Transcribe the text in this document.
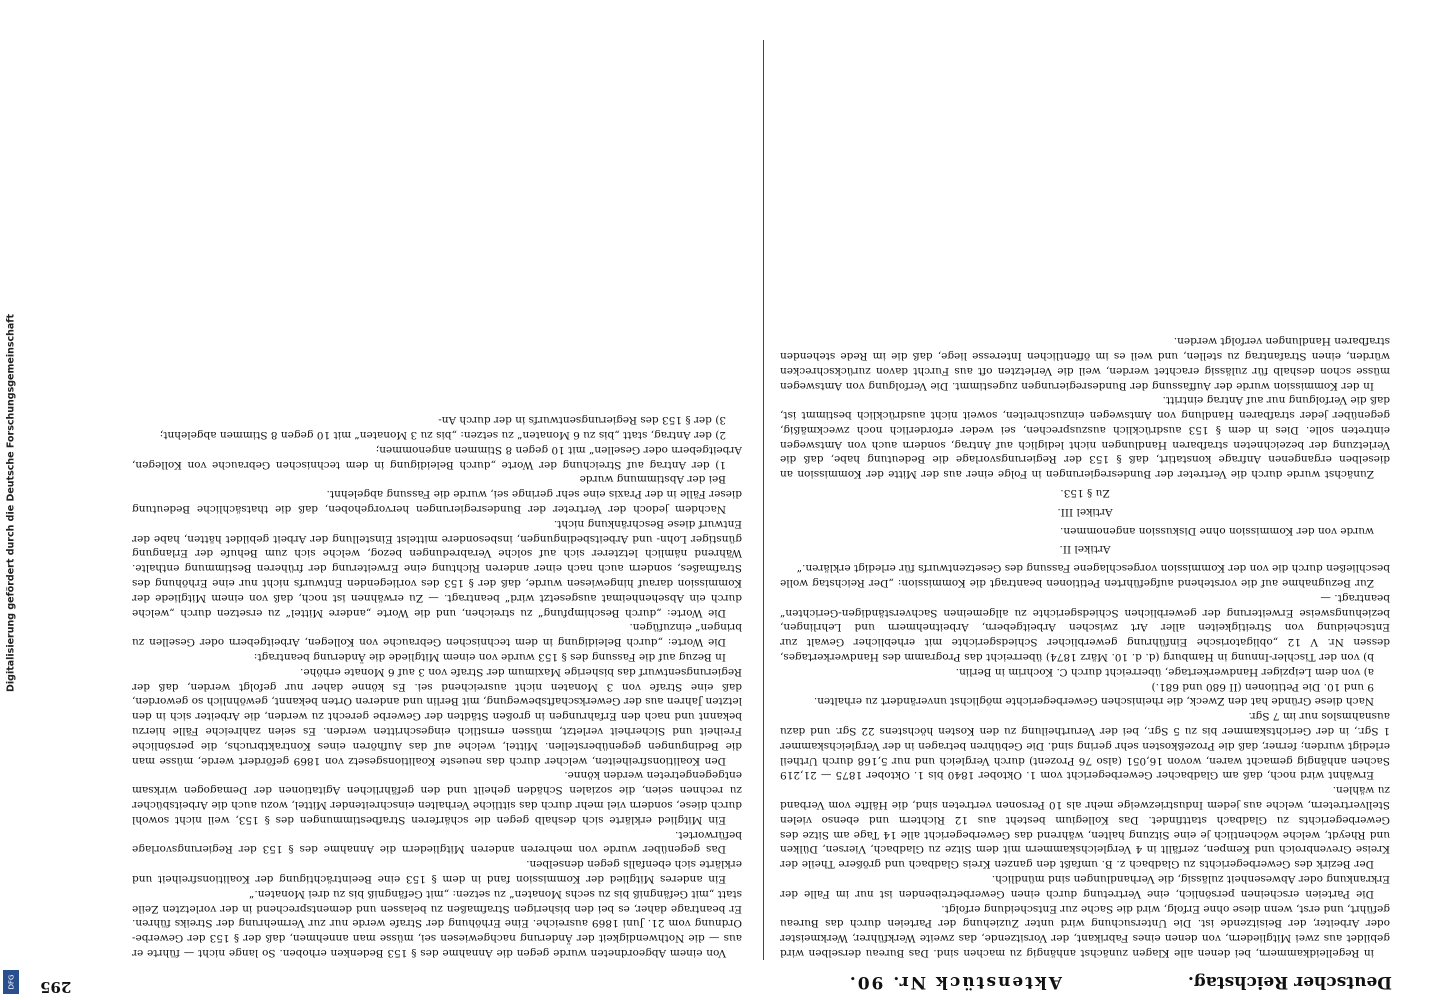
Digitalisierung gefördert durch die Deutsche Forschungsgemeinschaft
DFG	Deutscher Reichstag.
Aktenstück Nr. 90.
295

in Regelleidkammern, bei denen alle Klagen zunächst anhängig zu machen sind. Das Bureau derselben wird gebildet aus zwei Mitgliedern, von denen eines Fabrikant, der Vorsitzende, das zweite Werkführer, Werkmeister oder Arbeiter, der Beisitzende ist. Die Untersuchung wird unter Zuziehung der Parteien durch das Bureau geführt, und erst, wenn diese ohne Erfolg, wird die Sache zur Entscheidung erfolgt.

Die Parteien erscheinen persönlich, eine Vertretung durch einen Gewerbetreibenden ist nur im Falle der Erkrankung oder Abwesenheit zulässig, die Verhandlungen sind mündlich.

Der Bezirk des Gewerbegerichts zu Gladbach z. B. umfaßt den ganzen Kreis Gladbach und größere Theile der Kreise Grevenbroich und Kempen, zerfällt in 4 Vergleichskammern mit dem Sitze zu Gladbach, Viersen, Dülken und Rheydt, welche wöchentlich je eine Sitzung halten, während das Gewerbegericht alle 14 Tage am Sitze des Gewerbegerichts zu Gladbach stattfindet. Das Kollegium besteht aus 12 Richtern und ebenso vielen Stellvertretern, welche aus jedem Industriezweige mehr als 10 Personen vertreten sind, die Hälfte vom Verband zu wählen.

Erwähnt wird noch, daß am Gladbacher Gewerbegericht vom 1. Oktober 1840 bis 1. Oktober 1875 — 21,219 Sachen anhängig gemacht waren, wovon 16,051 (also 76 Prozent) durch Vergleich und nur 5,168 durch Urtheil erledigt wurden; ferner, daß die Prozeßkosten sehr gering sind. Die Gebühren betragen in der Vergleichskammer 1 Sgr., in der Gerichtskammer bis zu 5 Sgr., bei der Verurtheilung zu den Kosten höchstens 22 Sgr. und dazu ausnahmslos nur im 7 Sgr.

Nach diese Gründe hat den Zweck, die rheinischen Gewerbegerichte möglichst unverändert zu erhalten.

9 und 10. Die Petitionen (II 680 und 681.)

a) von dem Leipziger Handwerkertage, überreicht durch C. Kochrim in Berlin.

b) von der Tischler-Innung in Hamburg (d. d. 10. März 1874) überreicht das Programm des Handwerkertages, dessen Nr. V 12 „obligatorische Einführung gewerblicher Schiedsgerichte mit erheblicher Gewalt zur Entscheidung von Streitigkeiten aller Art zwischen Arbeitgebern, Arbeitnehmern und Lehrlingen, beziehungsweise Erweiterung der gewerblichen Schiedsgerichte zu allgemeinen Sachverständigen-Gerichten“ beantragt. —

Zur Bezugnahme auf die vorstehend aufgeführten Petitionen beantragt die Kommission: „Der Reichstag wolle beschließen durch die von der Kommission vorgeschlagene Fassung des Gesetzentwurfs für erledigt erklären.“

Artikel II.

wurde von der Kommission ohne Diskussion angenommen.

Artikel III.

Zu § 153.

Zunächst wurde durch die Vertreter der Bundesregierungen in Folge einer aus der Mitte der Kommission an dieselben ergangenen Anfrage konstatirt, daß § 153 der Regierungsvorlage die Bedeutung habe, daß die Verletzung der bezeichneten strafbaren Handlungen nicht lediglich auf Antrag, sondern auch von Amtswegen eintreten solle. Dies in dem § 153 ausdrücklich auszusprechen, sei weder erforderlich noch zweckmäßig, gegenüber jeder strafbaren Handlung von Amtswegen einzuschreiten, soweit nicht ausdrücklich bestimmt ist, daß die Verfolgung nur auf Antrag eintritt.

In der Kommission wurde der Auffassung der Bundesregierungen zugestimmt. Die Verfolgung von Amtswegen müsse schon deshalb für zulässig erachtet werden, weil die Verletzten oft aus Furcht davon zurückschrecken würden, einen Strafantrag zu stellen, und weil es im öffentlichen Interesse liege, daß die im Rede stehenden strafbaren Handlungen verfolgt werden.

Von einem Abgeordneten wurde gegen die Annahme des § 153 Bedenken erhoben. So lange nicht — führte er aus — die Nothwendigkeit der Änderung nachgewiesen sei, müsse man annehmen, daß der § 153 der Gewerbe-Ordnung vom 21. Juni 1869 ausreiche. Eine Erhöhung der Strafe werde nur zur Vermehrung der Streiks führen. Er beantrage daher, es bei den bisherigen Strafmaßen zu belassen und dementsprechend in der vorletzten Zeile statt „mit Gefängniß bis zu sechs Monaten“ zu setzen: „mit Gefängniß bis zu drei Monaten.“

Ein anderes Mitglied der Kommission fand in dem § 153 eine Beeinträchtigung der Koalitionsfreiheit und erklärte sich ebenfalls gegen denselben.

Das gegenüber wurde von mehreren anderen Mitgliedern die Annahme des § 153 der Regierungsvorlage befürwortet.

Ein Mitglied erklärte sich deshalb gegen die schärferen Strafbestimmungen des § 153, weil nicht sowohl durch diese, sondern viel mehr durch das sittliche Verhalten einschreitender Mittel, wozu auch die Arbeitsbücher zu rechnen seien, die sozialen Schäden geheilt und den gefährlichen Agitationen der Demagogen wirksam entgegengetreten werden könne.

Den Koalitionsfreiheiten, welcher durch das neueste Koalitionsgesetz von 1869 gefördert werde, müsse man die Bedingungen gegenüberstellen. Mittel, welche auf das Aufhören eines Kontraktbruchs, die persönliche Freiheit und Sicherheit verletzt, müssen ernstlich eingeschritten werden. Es seien zahlreiche Fälle hierzu bekannt und nach den Erfahrungen in großen Städten der Gewerbe gerecht zu werden, die Arbeiter sich in den letzten Jahren aus der Gewerkschaftsbewegung, mit Berlin und anderen Orten bekannt, gewöhnlich so geworden, daß eine Strafe von 3 Monaten nicht ausreichend sei. Es könne daher nur gefolgt werden, daß der Regierungsentwurf das bisherige Maximum der Strafe von 3 auf 6 Monate erhöhe.

In Bezug auf die Fassung des § 153 wurde von einem Mitgliede die Änderung beantragt:

Die Worte: „durch Beleidigung in dem technischen Gebrauche von Kollegen, Arbeitgebern oder Gesellen zu bringen“ einzufügen.

Die Worte: „durch Beschimpfung“ zu streichen, und die Worte „andere Mittel“ zu ersetzen durch „welche durch ein Absehenheimat ausgesetzt wird“ beantragt. — Zu erwähnen ist noch, daß von einem Mitgliede der Kommission darauf hingewiesen wurde, daß der § 153 des vorliegenden Entwurfs nicht nur eine Erhöhung des Strafmaßes, sondern auch nach einer anderen Richtung eine Erweiterung der früheren Bestimmung enthalte. Während nämlich letzterer sich auf solche Verabredungen bezog, welche sich zum Behufe der Erlangung günstiger Lohn- und Arbeitsbedingungen, insbesondere mittelst Einstellung der Arbeit gebildet hätten, habe der Entwurf diese Beschränkung nicht.

Nachdem jedoch der Vertreter der Bundesregierungen hervorgehoben, daß die thatsächliche Bedeutung dieser Fälle in der Praxis eine sehr geringe sei, wurde die Fassung abgelehnt.

Bei der Abstimmung wurde

1) der Antrag auf Streichung der Worte „durch Beleidigung in dem technischen Gebrauche von Kollegen, Arbeitgebern oder Gesellen“ mit 10 gegen 8 Stimmen angenommen;

2) der Antrag, statt „bis zu 6 Monaten“ zu setzen: „bis zu 3 Monaten“ mit 10 gegen 8 Stimmen abgelehnt;

3) der § 153 des Regierungsentwurfs in der durch An-
